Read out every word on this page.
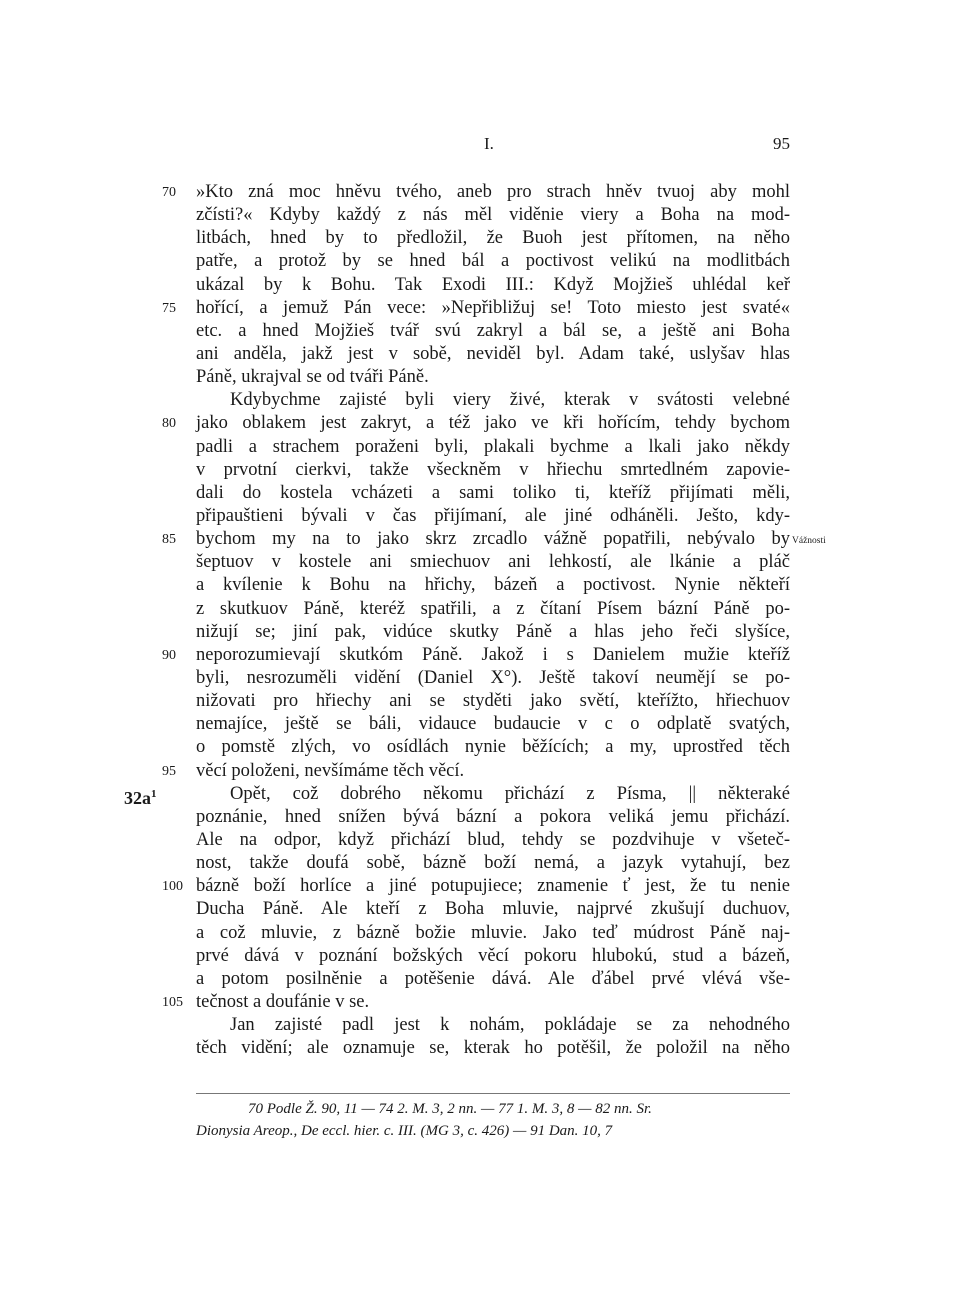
I.	95
70	»Kto zná moc hněvu tvého, aneb pro strach hněv tvuoj aby mohl
zčísti?« Kdyby každý z nás měl viděnie viery a Boha na mod-
litbách, hned by to předložil, že Buoh jest přítomen, na něho
patře, a protož by se hned bál a poctivost velikú na modlitbách
ukázal by k Bohu. Tak Exodi III.: Když Mojžieš uhlédal keř
75	hořící, a jemuž Pán vece: »Nepřibližuj se! Toto miesto jest svaté«
etc. a hned Mojžieš tvář svú zakryl a bál se, a ještě ani Boha
ani anděla, jakž jest v sobě, neviděl byl. Adam také, uslyšav hlas
Páně, ukrajval se od tváři Páně.
Kdybychme zajisté byli viery živé, kterak v svátosti velebné
80	jako oblakem jest zakryt, a též jako ve kři hořícím, tehdy bychom
padli a strachem poraženi byli, plakali bychme a lkali jako někdy
v prvotní cierkvi, takže všeckněm v hřiechu smrtedlném zapovie-
dali do kostela vcházeti a sami toliko ti, kteříž přijímati měli,
připauštieni bývali v čas přijímaní, ale jiné odháněli. Ješto, kdy-
85	bychom my na to jako skrz zrcadlo vážně popatřili, nebývalo by Vážnosti
šeptuov v kostele ani smiechuov ani lehkostí, ale lkánie a pláč
a kvílenie k Bohu na hřichy, bázeň a poctivost. Nynie někteří
z skutkuov Páně, kteréž spatřili, a z čítaní Písem bázní Páně po-
nižují se; jiní pak, vidúce skutky Páně a hlas jeho řeči slyšíce,
90	neporozumievají skutkóm Páně. Jakož i s Danielem mužie kteříž
byli, nesrozuměli vidění (Daniel X°). Ještě takoví neumějí se po-
nižovati pro hřiechy ani se styděti jako světí, kteřížto, hřiechuov
nemajíce, ještě se báli, vidauce budaucie v c o odplatě svatých,
o pomstě zlých, vo osídlách nynie běžících; a my, uprostřed těch
95	věcí položeni, nevšímáme těch věcí.
$32a^1$	Opět, což dobrého někomu přichází z Písma, || některaké
poznánie, hned snížen bývá bázní a pokora veliká jemu přichází.
Ale na odpor, když přichází blud, tehdy se pozdvihuje v všeteč-
nost, takže doufá sobě, bázně boží nemá, a jazyk vytahují, bez
100 bázně boží horlíce a jiné potupujiece; znamenie ť jest, že tu nenie
Ducha Páně. Ale kteří z Boha mluvie, najprvé zkušují duchuov,
a což mluvie, z bázně božie mluvie. Jako teď múdrost Páně naj-
prvé dává v poznání božských věcí pokoru hlubokú, stud a bázeň,
a potom posilněnie a potěšenie dává. Ale ďábel prvé vlévá vše-
105 tečnost a doufánie v se.
Jan zajisté padl jest k nohám, pokládaje se za nehodného
těch vidění; ale oznamuje se, kterak ho potěšil, že položil na něho
70 Podle Ž. 90, 11 — 74 2. M. 3, 2 nn. — 77 1. M. 3, 8 — 82 nn. Sr.
Dionysia Areop., De eccl. hier. c. III. (MG 3, c. 426) — 91 Dan. 10, 7
